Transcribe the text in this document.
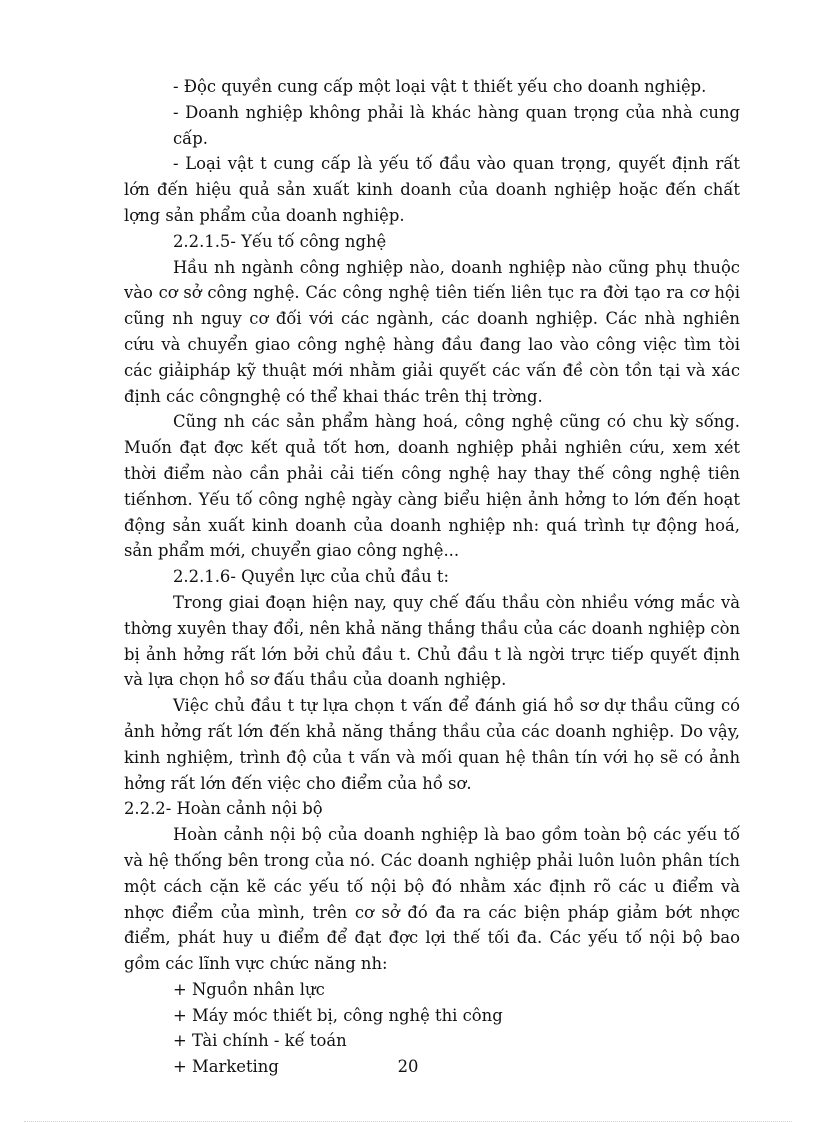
- Độc quyền cung cấp một loại vật t thiết yếu cho doanh nghiệp.

- Doanh nghiệp không phải là khác hàng quan trọng của nhà cung cấp.

- Loại vật t cung cấp là yếu tố đầu vào quan trọng, quyết định rất lớn đến hiệu quả sản xuất kinh doanh của doanh nghiệp hoặc đến chất lợng sản phẩm của doanh nghiệp.

2.2.1.5- Yếu tố công nghệ

Hầu nh ngành công nghiệp nào, doanh nghiệp nào cũng phụ thuộc vào cơ sở công nghệ. Các công nghệ tiên tiến liên tục ra đời tạo ra cơ hội cũng nh nguy cơ đối với các ngành, các doanh nghiệp. Các nhà nghiên cứu và chuyển giao công nghệ hàng đầu đang lao vào công việc tìm tòi các giảipháp kỹ thuật mới nhằm giải quyết các vấn đề còn tồn tại và xác định các côngnghệ có thể khai thác trên thị trờng.

Cũng nh các sản phẩm hàng hoá, công nghệ cũng có chu kỳ sống. Muốn đạt đợc kết quả tốt hơn, doanh nghiệp phải nghiên cứu, xem xét thời điểm nào cần phải cải tiến công nghệ hay thay thế công nghệ tiên tiếnhơn. Yếu tố công nghệ ngày càng biểu hiện ảnh hởng to lớn đến hoạt động sản xuất kinh doanh của doanh nghiệp nh: quá trình tự động hoá, sản phẩm mới, chuyển giao công nghệ...

2.2.1.6- Quyền lực của chủ đầu t:

Trong giai đoạn hiện nay, quy chế đấu thầu còn nhiều vớng mắc và thờng xuyên thay đổi, nên khả năng thắng thầu của các doanh nghiệp còn bị ảnh hởng rất lớn bởi chủ đầu t. Chủ đầu t là ngời trực tiếp quyết định và lựa chọn hồ sơ đấu thầu của doanh nghiệp.

Việc chủ đầu t tự lựa chọn t vấn để đánh giá hồ sơ dự thầu cũng có ảnh hởng rất lớn đến khả năng thắng thầu của các doanh nghiệp. Do vậy, kinh nghiệm, trình độ của t vấn và mối quan hệ thân tín với họ sẽ có ảnh hởng rất lớn đến việc cho điểm của hồ sơ.

2.2.2- Hoàn cảnh nội bộ

Hoàn cảnh nội bộ của doanh nghiệp là bao gồm toàn bộ các yếu tố và hệ thống bên trong của nó. Các doanh nghiệp phải luôn luôn phân tích một cách cặn kẽ các yếu tố nội bộ đó nhằm xác định rõ các u điểm và nhợc điểm của mình, trên cơ sở đó đa ra các biện pháp giảm bớt nhợc điểm, phát huy u điểm để đạt đợc lợi thế tối đa. Các yếu tố nội bộ bao gồm các lĩnh vực chức năng nh:

+ Nguồn nhân lực

+ Máy móc thiết bị, công nghệ thi công

+ Tài chính - kế toán

+ Marketing	20
